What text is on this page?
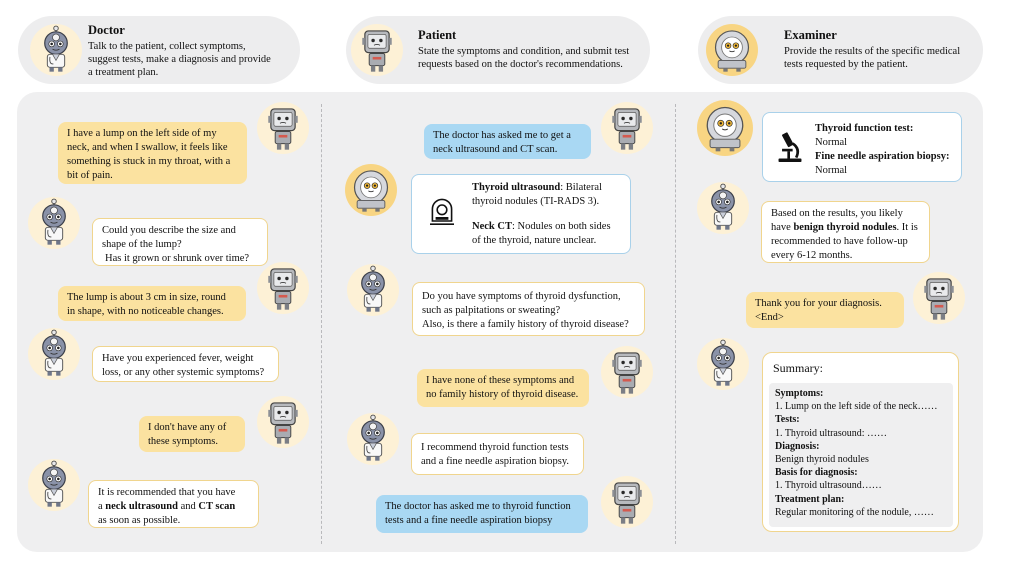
Doctor
Talk to the patient, collect symptoms,
suggest tests, make a diagnosis and provide
a treatment plan.
Patient
State the symptoms and condition, and submit test
requests based on the doctor's recommendations.
Examiner
Provide the results of the specific medical
tests requested by the patient.
I have a lump on the left side of my
neck, and when I swallow, it feels like
something is stuck in my throat, with a
bit of pain.
Could you describe the size and
shape of the lump?
Has it grown or shrunk over time?
The lump is about 3 cm in size, round
in shape, with no noticeable changes.
Have you experienced fever, weight
loss, or any other systemic symptoms?
I don't have any of
these symptoms.
It is recommended that you have
a neck ultrasound and CT scan
as soon as possible.
The doctor has asked me to get a
neck ultrasound and CT scan.
Thyroid ultrasound: Bilateral
thyroid nodules (TI-RADS 3).
Neck CT: Nodules on both sides
of the thyroid, nature unclear.
Do you have symptoms of thyroid dysfunction,
such as palpitations or sweating?
Also, is there a family history of thyroid disease?
I have none of these symptoms and
no family history of thyroid disease.
I recommend thyroid function tests
and a fine needle aspiration biopsy.
The doctor has asked me to thyroid function
tests and a fine needle aspiration biopsy
Thyroid function test:
Normal
Fine needle aspiration biopsy:
Normal
Based on the results, you likely
have benign thyroid nodules. It is
recommended to have follow-up
every 6-12 months.
Thank you for your diagnosis.
<End>
Summary:
Symptoms:
1. Lump on the left side of the neck……
Tests:
1. Thyroid ultrasound: ……
Diagnosis:
Benign thyroid nodules
Basis for diagnosis:
1. Thyroid ultrasound……
Treatment plan:
Regular monitoring of the nodule, ……
